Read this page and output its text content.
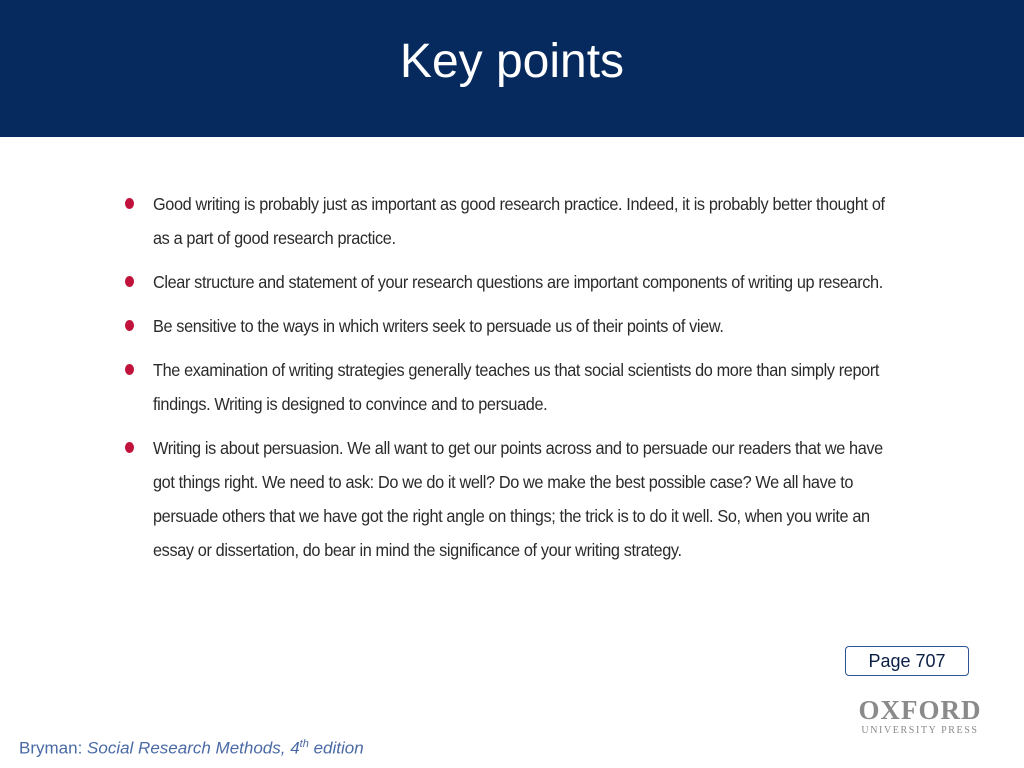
Key points
Good writing is probably just as important as good research practice. Indeed, it is probably better thought of as a part of good research practice.
Clear structure and statement of your research questions are important components of writing up research.
Be sensitive to the ways in which writers seek to persuade us of their points of view.
The examination of writing strategies generally teaches us that social scientists do more than simply report findings. Writing is designed to convince and to persuade.
Writing is about persuasion. We all want to get our points across and to persuade our readers that we have got things right. We need to ask: Do we do it well? Do we make the best possible case? We all have to persuade others that we have got the right angle on things; the trick is to do it well. So, when you write an essay or dissertation, do bear in mind the significance of your writing strategy.
Page 707
OXFORD
UNIVERSITY PRESS
Bryman: Social Research Methods, 4th edition
